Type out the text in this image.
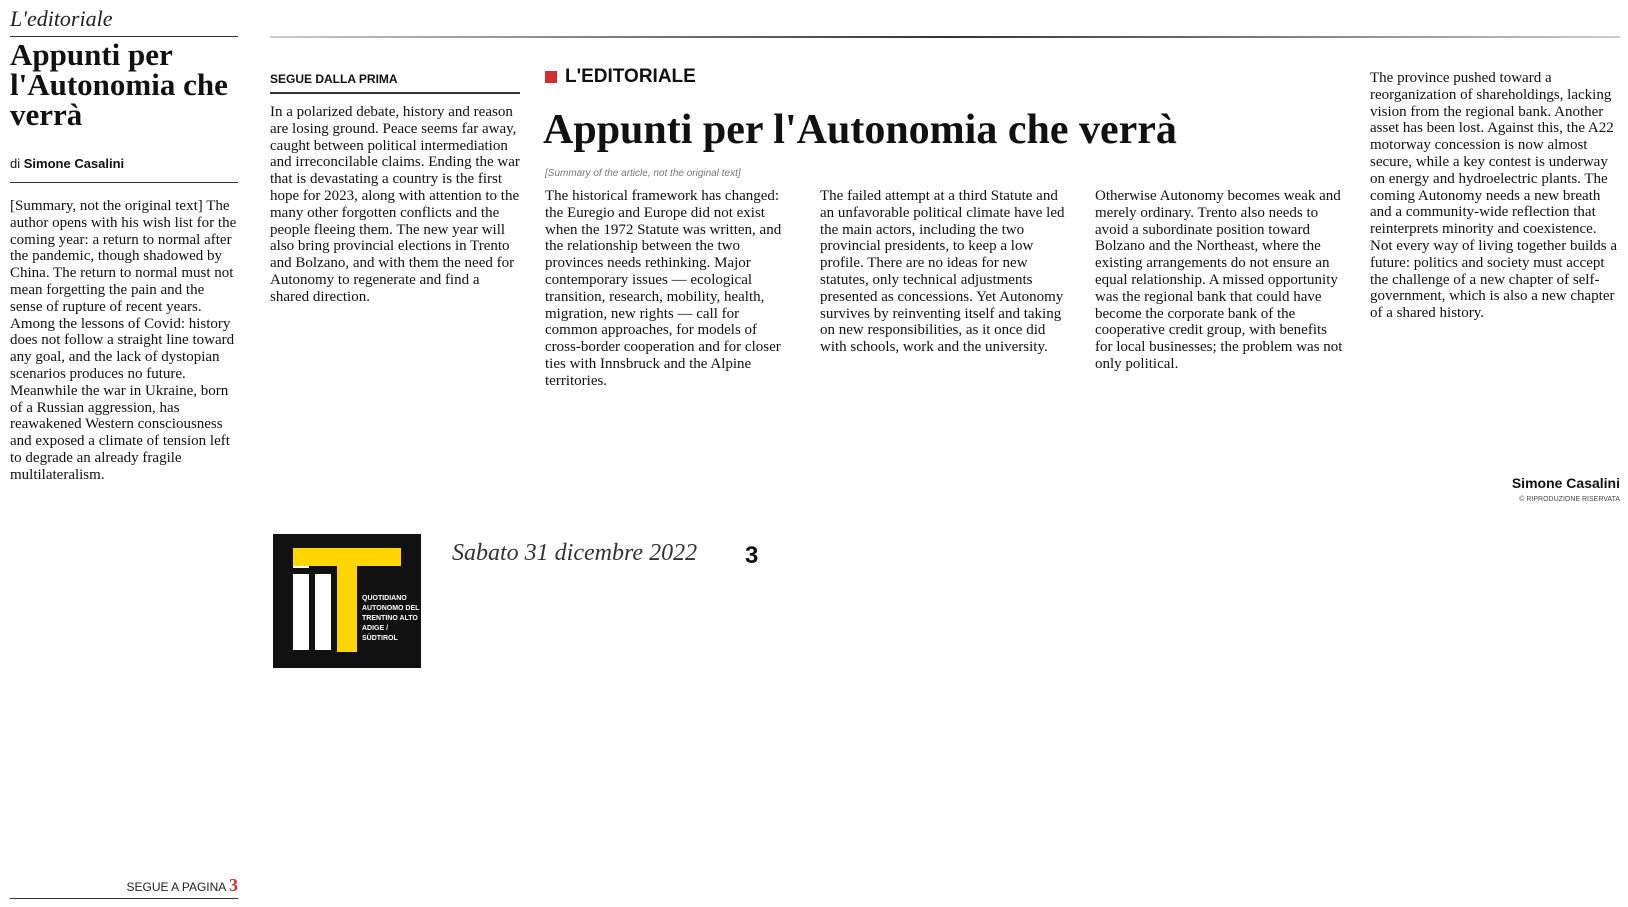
L'editoriale
Appunti per l'Autonomia che verrà
di Simone Casalini

[Summary, not the original text] The author opens with his wish list for the coming year: a return to normal after the pandemic, though shadowed by China. The return to normal must not mean forgetting the pain and the sense of rupture of recent years. Among the lessons of Covid: history does not follow a straight line toward any goal, and the lack of dystopian scenarios produces no future. Meanwhile the war in Ukraine, born of a Russian aggression, has reawakened Western consciousness and exposed a climate of tension left to degrade an already fragile multilateralism.

SEGUE A PAGINA 3
SEGUE DALLA PRIMA	L'EDITORIALE
Appunti per l'Autonomia che verrà
[Summary of the article, not the original text]

In a polarized debate, history and reason are losing ground. Peace seems far away, caught between political intermediation and irreconcilable claims. Ending the war that is devastating a country is the first hope for 2023, along with attention to the many other forgotten conflicts and the people fleeing them. The new year will also bring provincial elections in Trento and Bolzano, and with them the need for Autonomy to regenerate and find a shared direction.

The historical framework has changed: the Euregio and Europe did not exist when the 1972 Statute was written, and the relationship between the two provinces needs rethinking. Major contemporary issues — ecological transition, research, mobility, health, migration, new rights — call for common approaches, for models of cross-border cooperation and for closer ties with Innsbruck and the Alpine territories.

The failed attempt at a third Statute and an unfavorable political climate have led the main actors, including the two provincial presidents, to keep a low profile. There are no ideas for new statutes, only technical adjustments presented as concessions. Yet Autonomy survives by reinventing itself and taking on new responsibilities, as it once did with schools, work and the university.

Otherwise Autonomy becomes weak and merely ordinary. Trento also needs to avoid a subordinate position toward Bolzano and the Northeast, where the existing arrangements do not ensure an equal relationship. A missed opportunity was the regional bank that could have become the corporate bank of the cooperative credit group, with benefits for local businesses; the problem was not only political.

The province pushed toward a reorganization of shareholdings, lacking vision from the regional bank. Another asset has been lost. Against this, the A22 motorway concession is now almost secure, while a key contest is underway on energy and hydroelectric plants. The coming Autonomy needs a new breath and a community-wide reflection that reinterprets minority and coexistence. Not every way of living together builds a future: politics and society must accept the challenge of a new chapter of self-government, which is also a new chapter of a shared history.

Simone Casalini
© RIPRODUZIONE RISERVATA
QUOTIDIANO AUTONOMO DEL TRENTINO ALTO ADIGE / SÜDTIROL
Sabato 31 dicembre 2022 3
